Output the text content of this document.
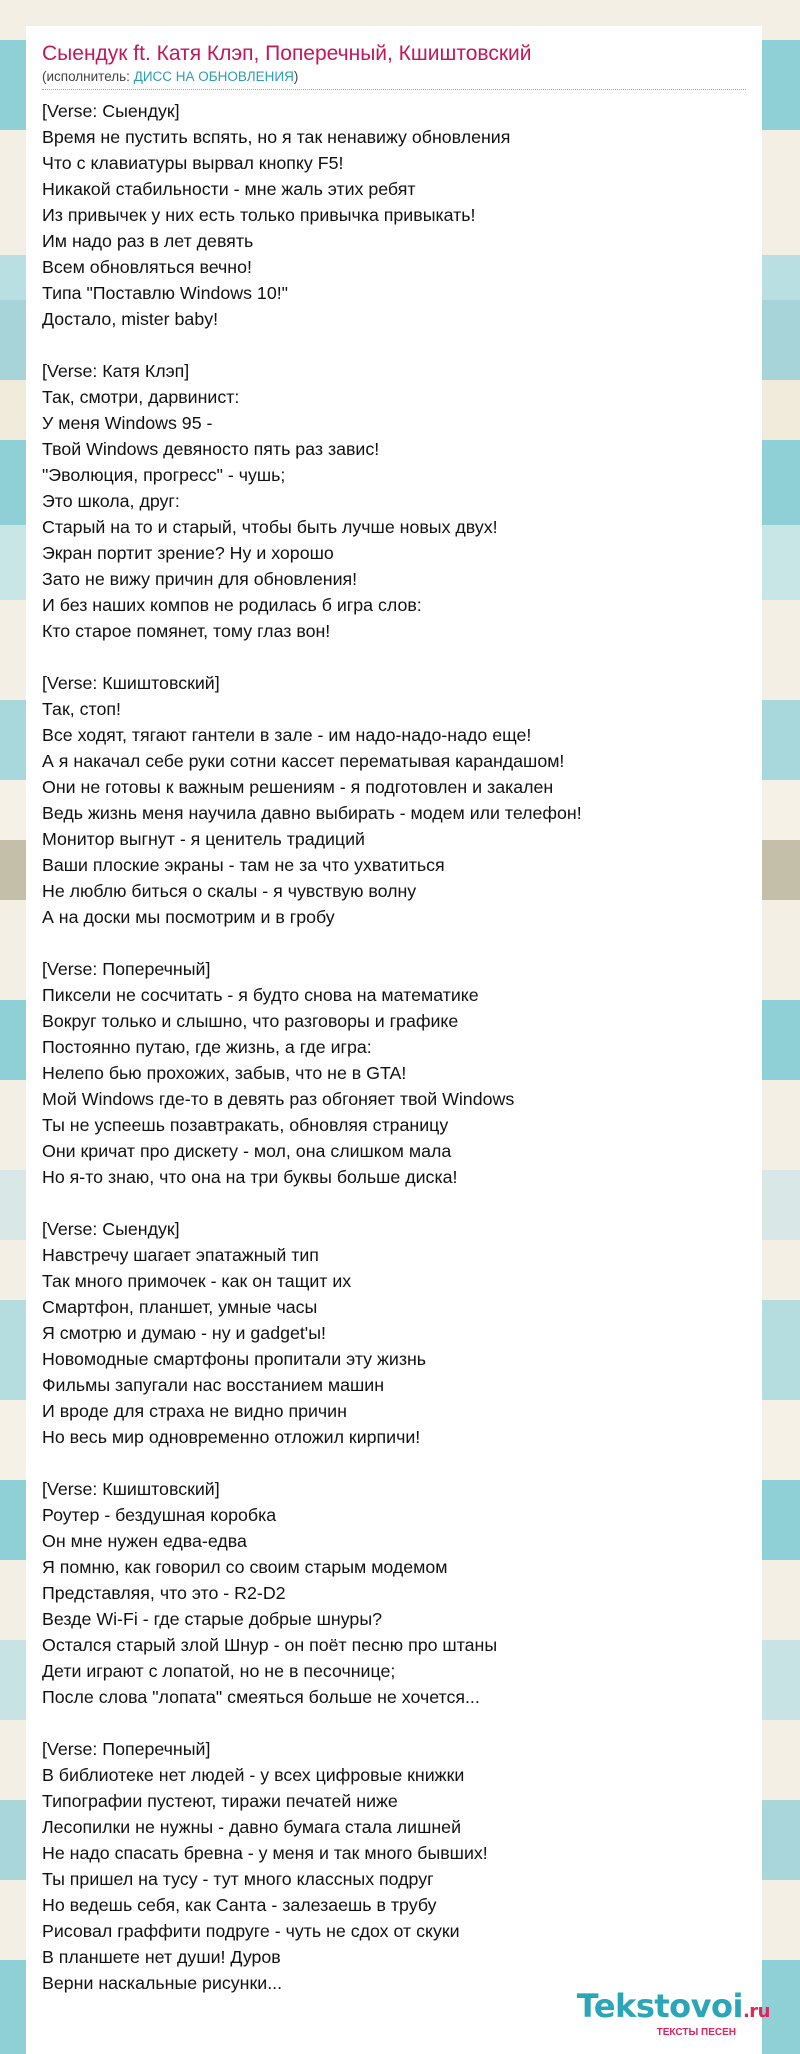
Сыендук ft. Катя Клэп, Поперечный, Кшиштовский
(исполнитель: ДИСС НА ОБНОВЛЕНИЯ)
[Verse: Сыендук]
Время не пустить вспять, но я так ненавижу обновления
Что с клавиатуры вырвал кнопку F5!
Никакой стабильности - мне жаль этих ребят
Из привычек у них есть только привычка привыкать!
Им надо раз в лет девять
Всем обновляться вечно!
Типа "Поставлю Windows 10!"
Достало, mister baby!
[Verse: Катя Клэп]
Так, смотри, дарвинист:
У меня Windows 95 -
Твой Windows девяносто пять раз завис!
"Эволюция, прогресс" - чушь;
Это школа, друг:
Старый на то и старый, чтобы быть лучше новых двух!
Экран портит зрение? Ну и хорошо
Зато не вижу причин для обновления!
И без наших компов не родилась б игра слов:
Кто старое помянет, тому глаз вон!
[Verse: Кшиштовский]
Так, стоп!
Все ходят, тягают гантели в зале - им надо-надо-надо еще!
А я накачал себе руки сотни кассет перематывая карандашом!
Они не готовы к важным решениям - я подготовлен и закален
Ведь жизнь меня научила давно выбирать - модем или телефон!
Монитор выгнут - я ценитель традиций
Ваши плоские экраны - там не за что ухватиться
Не люблю биться о скалы - я чувствую волну
А на доски мы посмотрим и в гробу
[Verse: Поперечный]
Пиксели не сосчитать - я будто снова на математике
Вокруг только и слышно, что разговоры и графике
Постоянно путаю, где жизнь, а где игра:
Нелепо бью прохожих, забыв, что не в GTA!
Мой Windows где-то в девять раз обгоняет твой Windows
Ты не успеешь позавтракать, обновляя страницу
Они кричат про дискету - мол, она слишком мала
Но я-то знаю, что она на три буквы больше диска!
[Verse: Сыендук]
Навстречу шагает эпатажный тип
Так много примочек - как он тащит их
Смартфон, планшет, умные часы
Я смотрю и думаю - ну и gadget'ы!
Новомодные смартфоны пропитали эту жизнь
Фильмы запугали нас восстанием машин
И вроде для страха не видно причин
Но весь мир одновременно отложил кирпичи!
[Verse: Кшиштовский]
Роутер - бездушная коробка
Он мне нужен едва-едва
Я помню, как говорил со своим старым модемом
Представляя, что это - R2-D2
Везде Wi-Fi - где старые добрые шнуры?
Остался старый злой Шнур - он поёт песню про штаны
Дети играют с лопатой, но не в песочнице;
После слова "лопата" смеяться больше не хочется...
[Verse: Поперечный]
В библиотеке нет людей - у всех цифровые книжки
Типографии пустеют, тиражи печатей ниже
Лесопилки не нужны - давно бумага стала лишней
Не надо спасать бревна - у меня и так много бывших!
Ты пришел на тусу - тут много классных подруг
Но ведешь себя, как Санта - залезаешь в трубу
Рисовал граффити подруге - чуть не сдох от скуки
В планшете нет души! Дуров
Верни наскальные рисунки...
Tekstovoi.ru
ТЕКСТЫ ПЕСЕН
